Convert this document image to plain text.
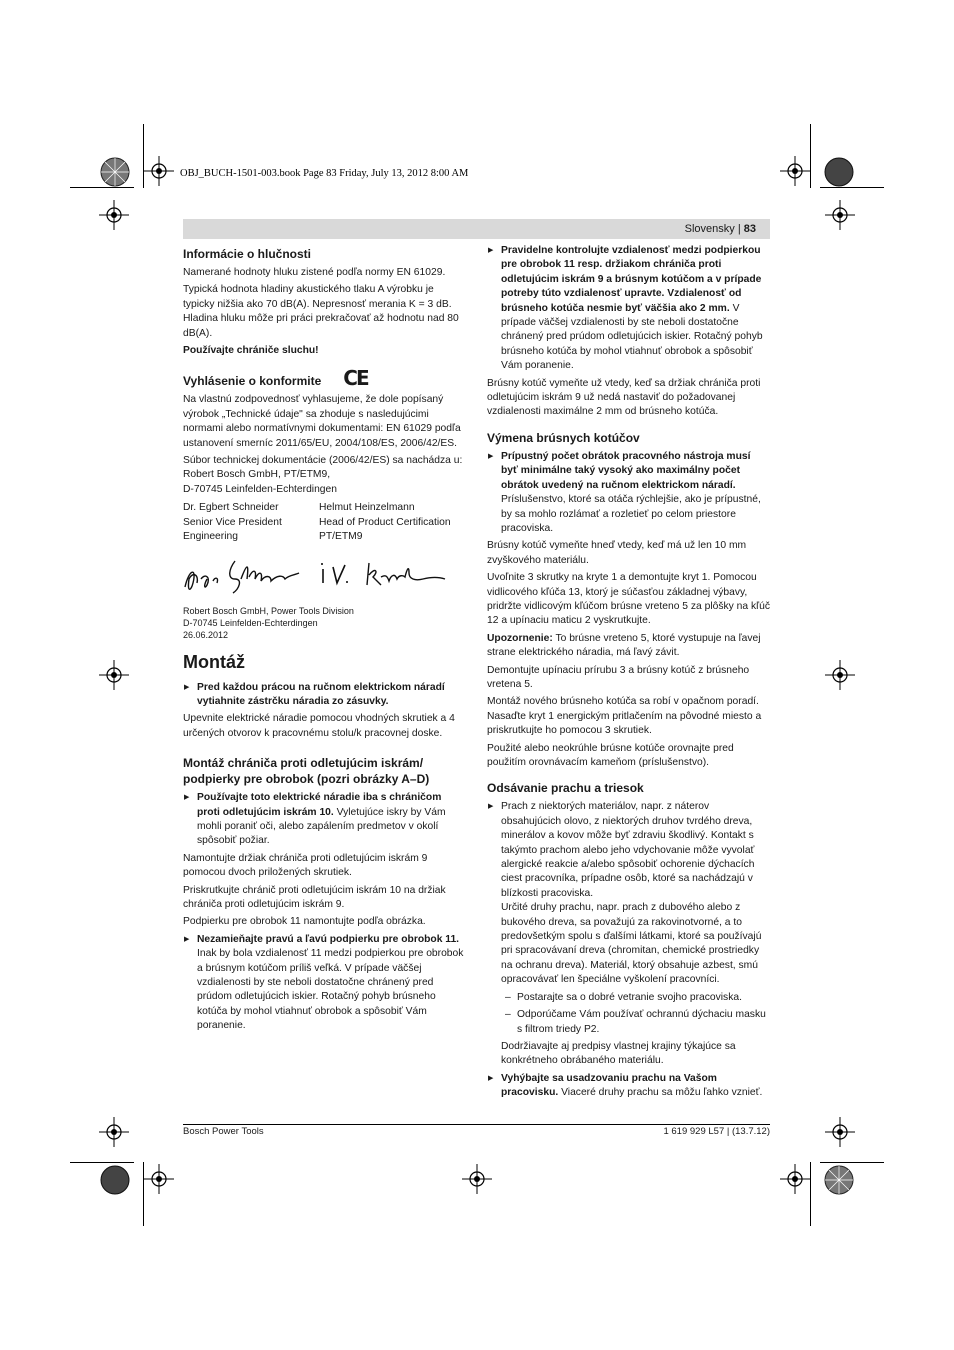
OBJ_BUCH-1501-003.book Page 83 Friday, July 13, 2012 8:00 AM
Slovensky | 83
Informácie o hlučnosti

Namerané hodnoty hluku zistené podľa normy EN 61029.

Typická hodnota hladiny akustického tlaku A výrobku je typicky nižšia ako 70 dB(A). Nepresnosť merania K = 3 dB. Hladina hluku môže pri práci prekračovať až hodnotu nad 80 dB(A).

Používajte chrániče sluchu!

Vyhlásenie o konformite CE

Na vlastnú zodpovednosť vyhlasujeme, že dole popísaný výrobok „Technické údaje" sa zhoduje s nasledujúcimi normami alebo normatívnymi dokumentami: EN 61029 podľa ustanovení smerníc 2011/65/EU, 2004/108/ES, 2006/42/ES.

Súbor technickej dokumentácie (2006/42/ES) sa nachádza u:

Robert Bosch GmbH, PT/ETM9,

D-70745 Leinfelden-Echterdingen

Dr. Egbert Schneider
Senior Vice President
Engineering
Helmut Heinzelmann
Head of Product Certification
PT/ETM9
Robert Bosch GmbH, Power Tools Division
D-70745 Leinfelden-Echterdingen
26.06.2012
Montáž

▶ Pred každou prácou na ručnom elektrickom náradí vytiahnite zástrčku náradia zo zásuvky.

Upevnite elektrické náradie pomocou vhodných skrutiek a 4 určených otvorov k pracovnému stolu/k pracovnej doske.

Montáž chrániča proti odletujúcim iskrám/ podpierky pre obrobok (pozri obrázky A–D)

▶ Používajte toto elektrické náradie iba s chráničom proti odletujúcim iskrám 10. Vyletujúce iskry by Vám mohli poraniť oči, alebo zapálením predmetov v okolí spôsobiť požiar.

Namontujte držiak chrániča proti odletujúcim iskrám 9 pomocou dvoch priložených skrutiek.

Priskrutkujte chránič proti odletujúcim iskrám 10 na držiak chrániča proti odletujúcim iskrám 9.

Podpierku pre obrobok 11 namontujte podľa obrázka.

▶ Nezamieňajte pravú a ľavú podpierku pre obrobok 11. Inak by bola vzdialenosť 11 medzi podpierkou pre obrobok a brúsnym kotúčom príliš veľká. V prípade väčšej vzdialenosti by ste neboli dostatočne chránený pred prúdom odletujúcich iskier. Rotačný pohyb brúsneho kotúča by mohol vtiahnuť obrobok a spôsobiť Vám poranenie.

▶ Pravidelne kontrolujte vzdialenosť medzi podpierkou pre obrobok 11 resp. držiakom chrániča proti odletujúcim iskrám 9 a brúsnym kotúčom a v prípade potreby túto vzdialenosť upravte. Vzdialenosť od brúsneho kotúča nesmie byť väčšia ako 2 mm. V prípade väčšej vzdialenosti by ste neboli dostatočne chránený pred prúdom odletujúcich iskier. Rotačný pohyb brúsneho kotúča by mohol vtiahnuť obrobok a spôsobiť Vám poranenie.

Brúsny kotúč vymeňte už vtedy, keď sa držiak chrániča proti odletujúcim iskrám 9 už nedá nastaviť do požadovanej vzdialenosti maximálne 2 mm od brúsneho kotúča.

Výmena brúsnych kotúčov

▶ Prípustný počet obrátok pracovného nástroja musí byť minimálne taký vysoký ako maximálny počet obrátok uvedený na ručnom elektrickom náradí. Príslušenstvo, ktoré sa otáča rýchlejšie, ako je prípustné, by sa mohlo rozlámať a rozletieť po celom priestore pracoviska.

Brúsny kotúč vymeňte hneď vtedy, keď má už len 10 mm zvyškového materiálu.

Uvoľnite 3 skrutky na kryte 1 a demontujte kryt 1. Pomocou vidlicového kľúča 13, ktorý je súčasťou základnej výbavy, pridržte vidlicovým kľúčom brúsne vreteno 5 za plôšky na kľúč 12 a upínaciu maticu 2 vyskrutkujte.

Upozornenie: To brúsne vreteno 5, ktoré vystupuje na ľavej strane elektrického náradia, má ľavý závit.

Demontujte upínaciu prírubu 3 a brúsny kotúč z brúsneho vretena 5.

Montáž nového brúsneho kotúča sa robí v opačnom poradí. Nasaďte kryt 1 energickým pritlačením na pôvodné miesto a priskrutkujte ho pomocou 3 skrutiek.

Použité alebo neokrúhle brúsne kotúče orovnajte pred použitím orovnávacím kameňom (príslušenstvo).

Odsávanie prachu a triesok

▶ Prach z niektorých materiálov, napr. z náterov obsahujúcich olovo, z niektorých druhov tvrdého dreva, minerálov a kovov môže byť zdraviu škodlivý. Kontakt s takýmto prachom alebo jeho vdychovanie môže vyvolať alergické reakcie a/alebo spôsobiť ochorenie dýchacích ciest pracovníka, prípadne osôb, ktoré sa nachádzajú v blízkosti pracoviska.

Určité druhy prachu, napr. prach z dubového alebo z bukového dreva, sa považujú za rakovinotvorné, a to predovšetkým spolu s ďalšími látkami, ktoré sa používajú pri spracovávaní dreva (chromitan, chemické prostriedky na ochranu dreva). Materiál, ktorý obsahuje azbest, smú opracovávať len špeciálne vyškolení pracovníci.

– Postarajte sa o dobré vetranie svojho pracoviska.

– Odporúčame Vám používať ochrannú dýchaciu masku s filtrom triedy P2.

Dodržiavajte aj predpisy vlastnej krajiny týkajúce sa konkrétneho obrábaného materiálu.

▶ Vyhýbajte sa usadzovaniu prachu na Vašom pracovisku. Viaceré druhy prachu sa môžu ľahko vznieť.

Bosch Power Tools	1 619 929 L57 | (13.7.12)
